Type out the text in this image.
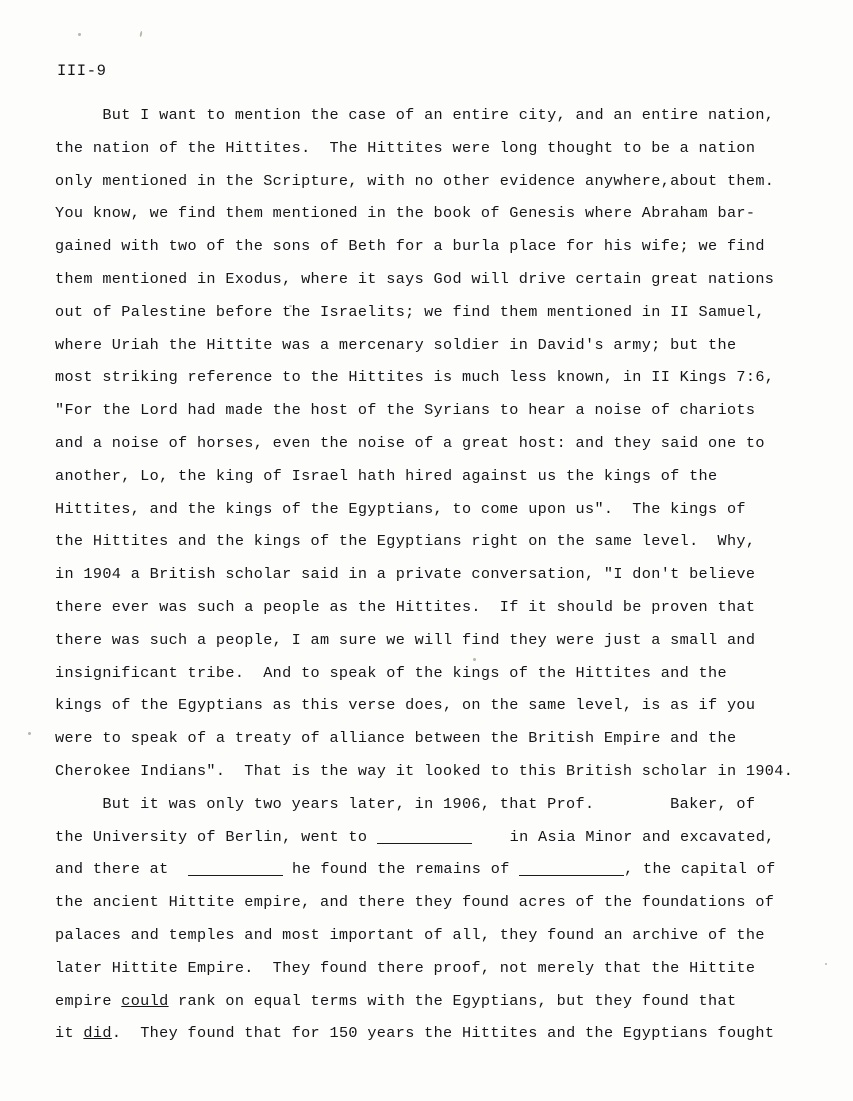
III-9
But I want to mention the case of an entire city, and an entire nation,
the nation of the Hittites.  The Hittites were long thought to be a nation
only mentioned in the Scripture, with no other evidence anywhere,about them.
You know, we find them mentioned in the book of Genesis where Abraham bar-
gained with two of the sons of Beth for a burla place for his wife; we find
them mentioned in Exodus, where it says God will drive certain great nations
out of Palestine before the Israelits; we find them mentioned in II Samuel,
where Uriah the Hittite was a mercenary soldier in David's army; but the
most striking reference to the Hittites is much less known, in II Kings 7:6,
"For the Lord had made the host of the Syrians to hear a noise of chariots
and a noise of horses, even the noise of a great host: and they said one to
another, Lo, the king of Israel hath hired against us the kings of the
Hittites, and the kings of the Egyptians, to come upon us".  The kings of
the Hittites and the kings of the Egyptians right on the same level.  Why,
in 1904 a British scholar said in a private conversation, "I don't believe
there ever was such a people as the Hittites.  If it should be proven that
there was such a people, I am sure we will find they were just a small and
insignificant tribe.  And to speak of the kings of the Hittites and the
kings of the Egyptians as this verse does, on the same level, is as if you
were to speak of a treaty of alliance between the British Empire and the
Cherokee Indians".  That is the way it looked to this British scholar in 1904.
But it was only two years later, in 1906, that Prof.	Baker, of
the University of Berlin, went to	in Asia Minor and excavated,
and there at	he found the remains of	, the capital of
the ancient Hittite empire, and there they found acres of the foundations of
palaces and temples and most important of all, they found an archive of the
later Hittite Empire.  They found there proof, not merely that the Hittite
empire could rank on equal terms with the Egyptians, but they found that
it did.  They found that for 150 years the Hittites and the Egyptians fought
